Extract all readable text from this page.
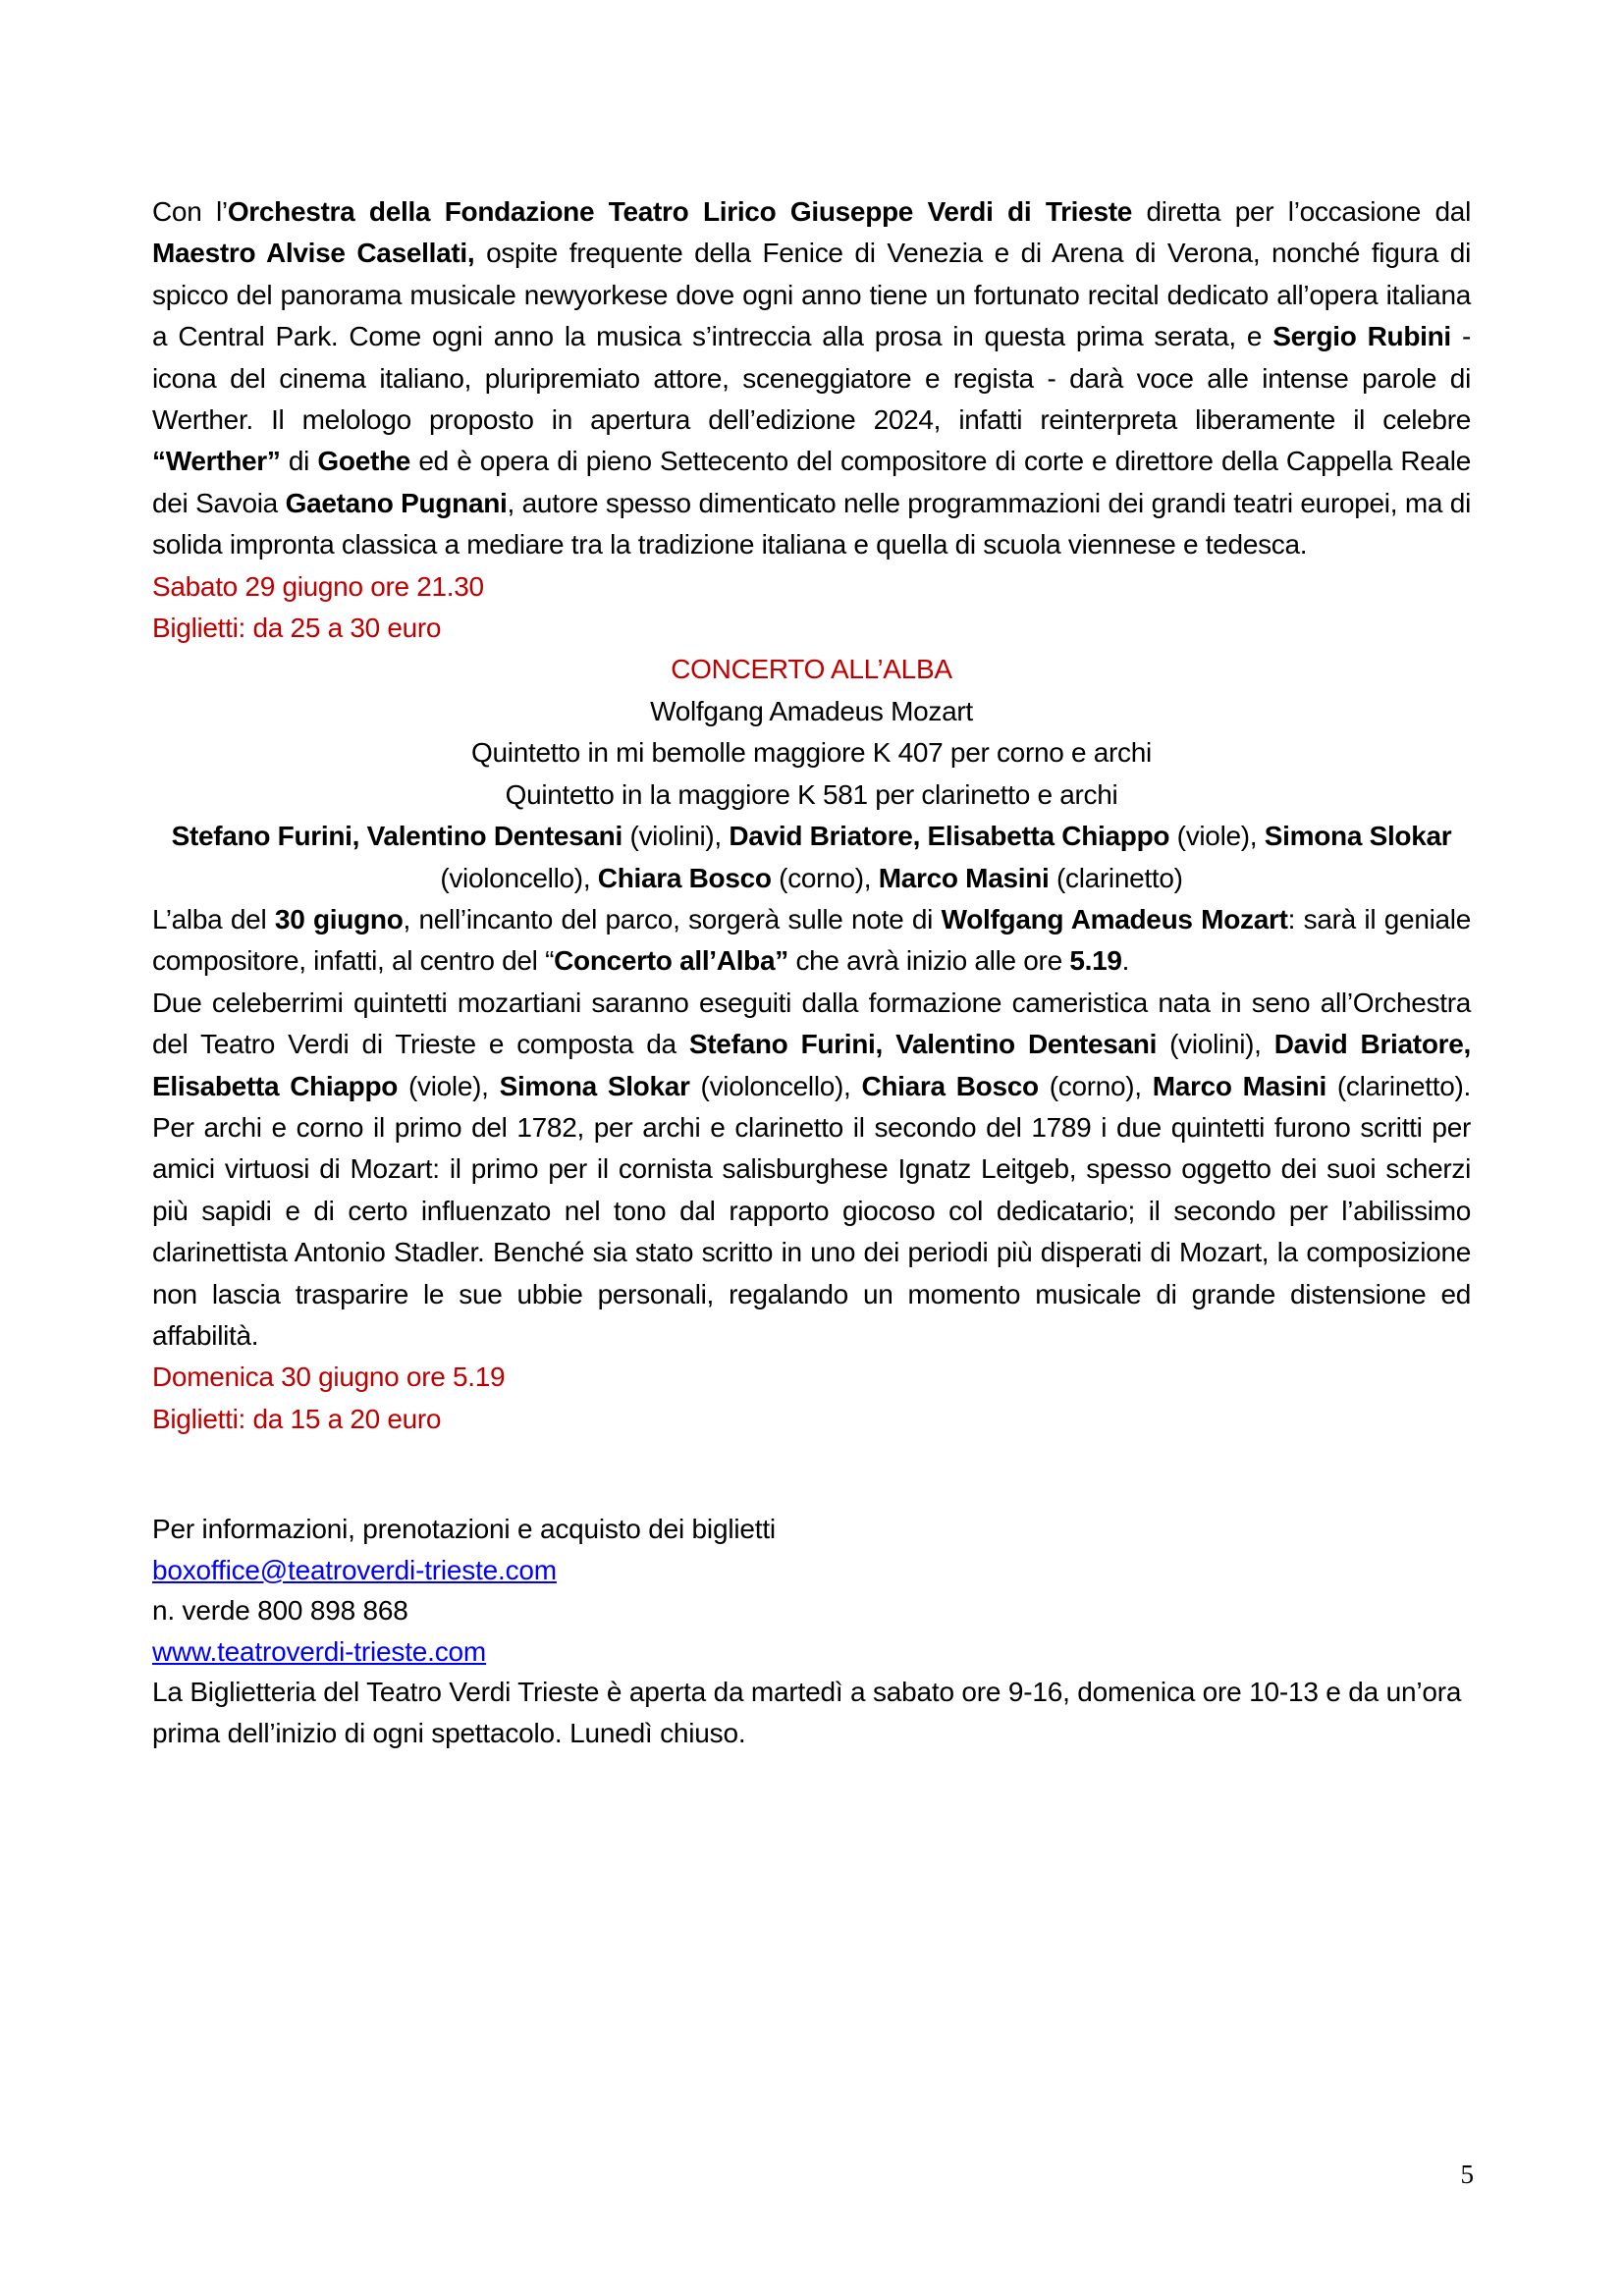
Con l’Orchestra della Fondazione Teatro Lirico Giuseppe Verdi di Trieste diretta per l’occasione dal Maestro Alvise Casellati, ospite frequente della Fenice di Venezia e di Arena di Verona, nonché figura di spicco del panorama musicale newyorkese dove ogni anno tiene un fortunato recital dedicato all’opera italiana a Central Park. Come ogni anno la musica s’intreccia alla prosa in questa prima serata, e Sergio Rubini - icona del cinema italiano, pluripremiato attore, sceneggiatore e regista - darà voce alle intense parole di Werther. Il melologo proposto in apertura dell’edizione 2024, infatti reinterpreta liberamente il celebre “Werther” di Goethe ed è opera di pieno Settecento del compositore di corte e direttore della Cappella Reale dei Savoia Gaetano Pugnani, autore spesso dimenticato nelle programmazioni dei grandi teatri europei, ma di solida impronta classica a mediare tra la tradizione italiana e quella di scuola viennese e tedesca.

Sabato 29 giugno ore 21.30

Biglietti: da 25 a 30 euro

CONCERTO ALL’ALBA

Wolfgang Amadeus Mozart

Quintetto in mi bemolle maggiore K 407 per corno e archi

Quintetto in la maggiore K 581 per clarinetto e archi

Stefano Furini, Valentino Dentesani (violini), David Briatore, Elisabetta Chiappo (viole), Simona Slokar (violoncello), Chiara Bosco (corno), Marco Masini (clarinetto)

L’alba del 30 giugno, nell’incanto del parco, sorgerà sulle note di Wolfgang Amadeus Mozart: sarà il geniale compositore, infatti, al centro del “Concerto all’Alba” che avrà inizio alle ore 5.19.

Due celeberrimi quintetti mozartiani saranno eseguiti dalla formazione cameristica nata in seno all’Orchestra del Teatro Verdi di Trieste e composta da Stefano Furini, Valentino Dentesani (violini), David Briatore, Elisabetta Chiappo (viole), Simona Slokar (violoncello), Chiara Bosco (corno), Marco Masini (clarinetto). Per archi e corno il primo del 1782, per archi e clarinetto il secondo del 1789 i due quintetti furono scritti per amici virtuosi di Mozart: il primo per il cornista salisburghese Ignatz Leitgeb, spesso oggetto dei suoi scherzi più sapidi e di certo influenzato nel tono dal rapporto giocoso col dedicatario; il secondo per l’abilissimo clarinettista Antonio Stadler. Benché sia stato scritto in uno dei periodi più disperati di Mozart, la composizione non lascia trasparire le sue ubbie personali, regalando un momento musicale di grande distensione ed affabilità.

Domenica 30 giugno ore 5.19

Biglietti: da 15 a 20 euro

Per informazioni, prenotazioni e acquisto dei biglietti

boxoffice@teatroverdi-trieste.com

n. verde 800 898 868

www.teatroverdi-trieste.com

La Biglietteria del Teatro Verdi Trieste è aperta da martedì a sabato ore 9-16, domenica ore 10-13 e da un’ora prima dell’inizio di ogni spettacolo. Lunedì chiuso.

5
